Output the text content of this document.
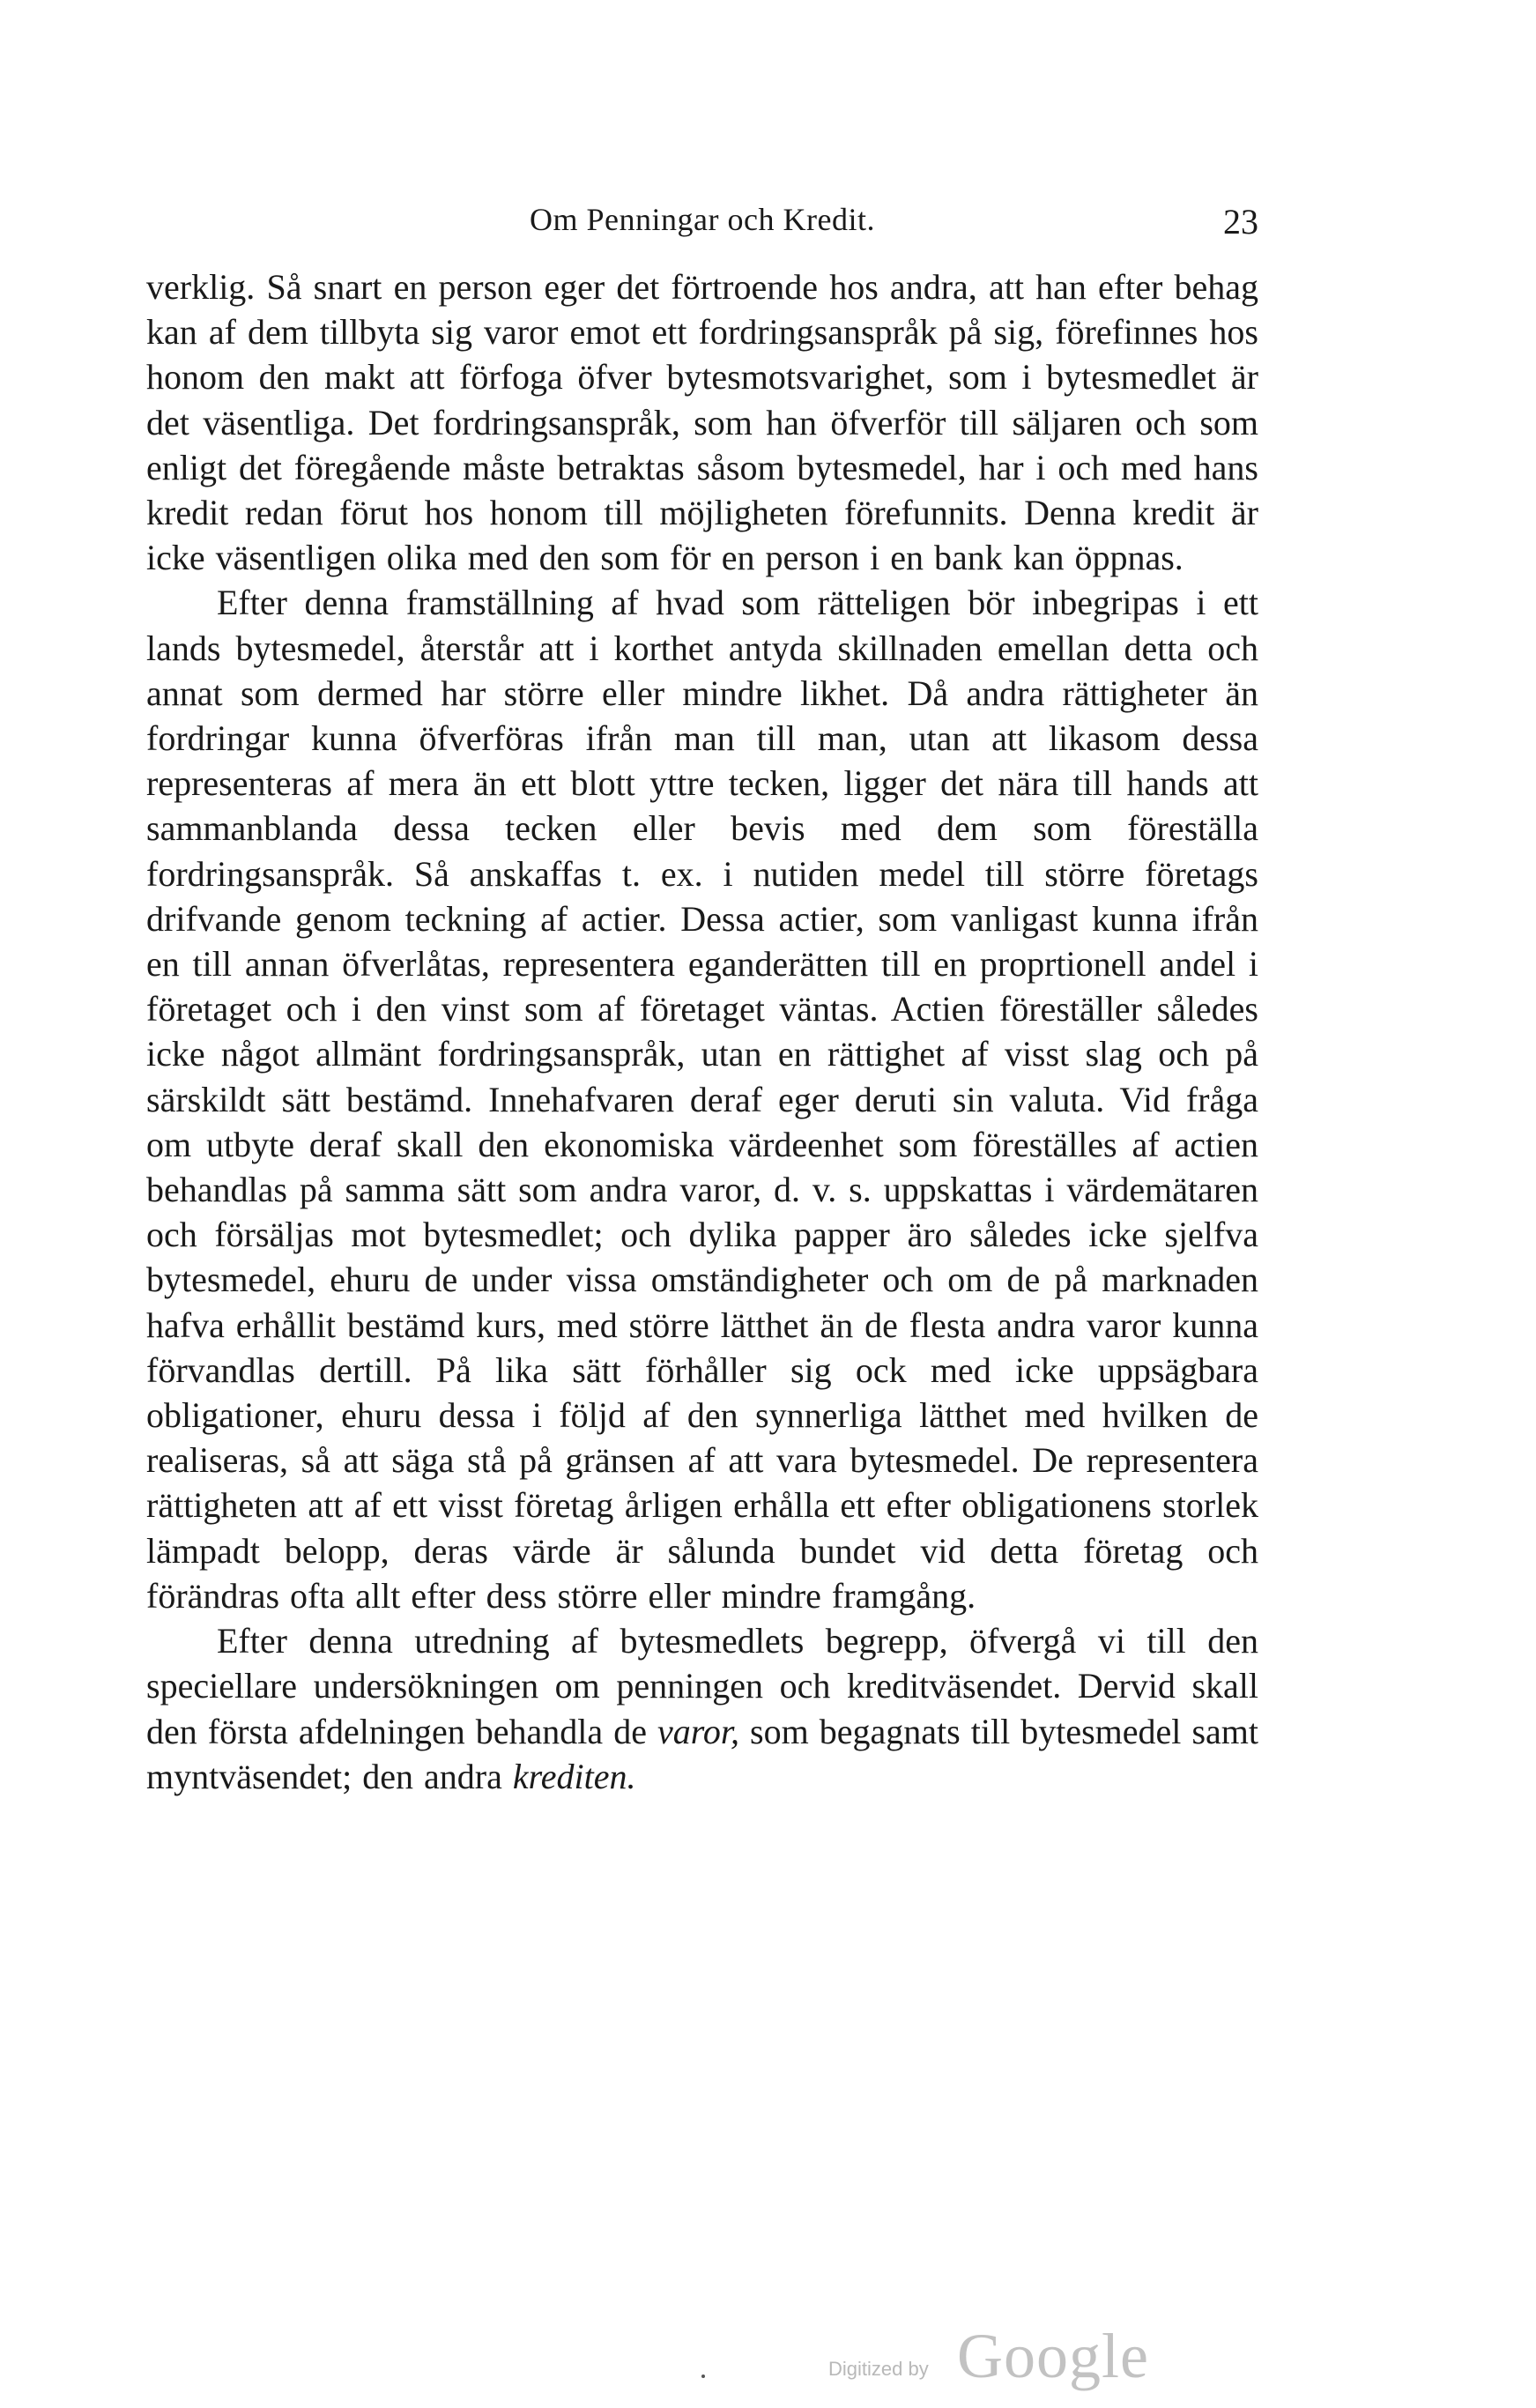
Om Penningar och Kredit.	23

verklig. Så snart en person eger det förtroende hos andra, att han efter behag kan af dem tillbyta sig varor emot ett fordringsanspråk på sig, förefinnes hos honom den makt att förfoga öfver bytesmotsvarighet, som i bytesmedlet är det väsentliga. Det fordringsanspråk, som han öfverför till säljaren och som enligt det föregående måste betraktas såsom bytesmedel, har i och med hans kredit redan förut hos honom till möjligheten förefunnits. Denna kredit är icke väsentligen olika med den som för en person i en bank kan öppnas.

Efter denna framställning af hvad som rätteligen bör inbegripas i ett lands bytesmedel, återstår att i korthet antyda skillnaden emellan detta och annat som dermed har större eller mindre likhet. Då andra rättigheter än fordringar kunna öfverföras ifrån man till man, utan att likasom dessa representeras af mera än ett blott yttre tecken, ligger det nära till hands att sammanblanda dessa tecken eller bevis med dem som föreställa fordringsanspråk. Så anskaffas t. ex. i nutiden medel till större företags drifvande genom teckning af actier. Dessa actier, som vanligast kunna ifrån en till annan öfverlåtas, representera eganderätten till en proprtionell andel i företaget och i den vinst som af företaget väntas. Actien föreställer således icke något allmänt fordringsanspråk, utan en rättighet af visst slag och på särskildt sätt bestämd. Innehafvaren deraf eger deruti sin valuta. Vid fråga om utbyte deraf skall den ekonomiska värdeenhet som föreställes af actien behandlas på samma sätt som andra varor, d. v. s. uppskattas i värdemätaren och försäljas mot bytesmedlet; och dylika papper äro således icke sjelfva bytesmedel, ehuru de under vissa omständigheter och om de på marknaden hafva erhållit bestämd kurs, med större lätthet än de flesta andra varor kunna förvandlas dertill. På lika sätt förhåller sig ock med icke uppsägbara obligationer, ehuru dessa i följd af den synnerliga lätthet med hvilken de realiseras, så att säga stå på gränsen af att vara bytesmedel. De representera rättigheten att af ett visst företag årligen erhålla ett efter obligationens storlek lämpadt belopp, deras värde är sålunda bundet vid detta företag och förändras ofta allt efter dess större eller mindre framgång.

Efter denna utredning af bytesmedlets begrepp, öfvergå vi till den speciellare undersökningen om penningen och kreditväsendet. Dervid skall den första afdelningen behandla de varor, som begagnats till bytesmedel samt myntväsendet; den andra krediten.

Digitized by Google
